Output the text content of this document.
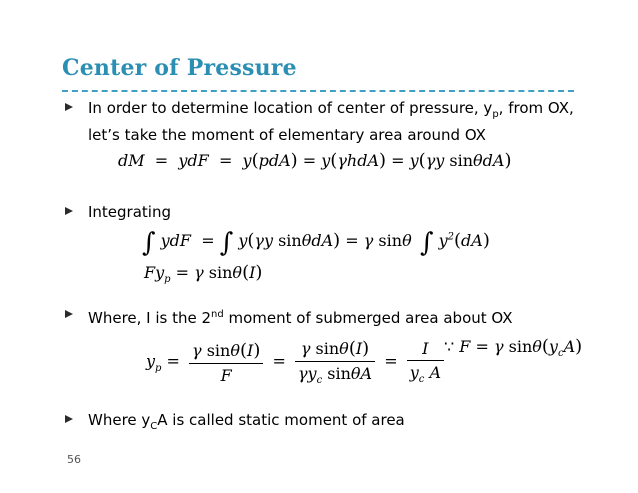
Center of Pressure
In order to determine location of center of pressure, $y_p$, from OX, let’s take the moment of elementary area around OX
dM  =  ydF  =  y(pdA) = y(γhdA) = y(γy sinθdA)
Integrating
∫ ydF  = ∫ y(γy sinθdA) = γ sinθ ∫ $y^2(dA)$
$Fy_p = \gamma$ sinθ(I)
Where, I is the 2nd moment of submerged area about OX
$y_p = \frac{\text{γ sinθ(I)}}{F} = \frac{\text{γ sinθ(I)}}{\gamma y_c \sin\theta A} = \frac{I}{y_c A}$ ∵ F = γ $\sin\theta(y_cA)$
Where $y_CA$ is called static moment of area
56
